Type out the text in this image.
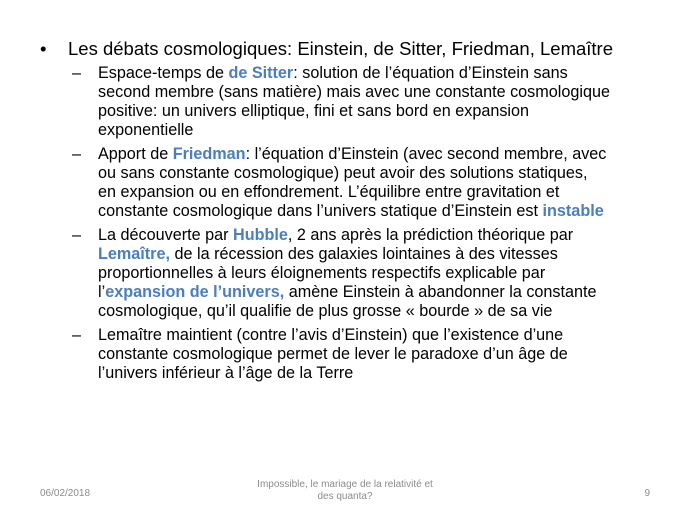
• Les débats cosmologiques: Einstein, de Sitter, Friedman, Lemaître
– Espace-temps de de Sitter: solution de l’équation d’Einstein sans
second membre (sans matière) mais avec une constante cosmologique
positive: un univers elliptique, fini et sans bord en expansion
exponentielle
– Apport de Friedman: l’équation d’Einstein (avec second membre, avec
ou sans constante cosmologique) peut avoir des solutions statiques,
en expansion ou en effondrement. L’équilibre entre gravitation et
constante cosmologique dans l’univers statique d’Einstein est instable
– La découverte par Hubble, 2 ans après la prédiction théorique par
Lemaître, de la récession des galaxies lointaines à des vitesses
proportionnelles à leurs éloignements respectifs explicable par
l’expansion de l’univers, amène Einstein à abandonner la constante
cosmologique, qu’il qualifie de plus grosse « bourde » de sa vie
– Lemaître maintient (contre l’avis d’Einstein) que l’existence d’une
constante cosmologique permet de lever le paradoxe d’un âge de
l’univers inférieur à l’âge de la Terre
06/02/2018
Impossible, le mariage de la relativité et
des quanta?	9
